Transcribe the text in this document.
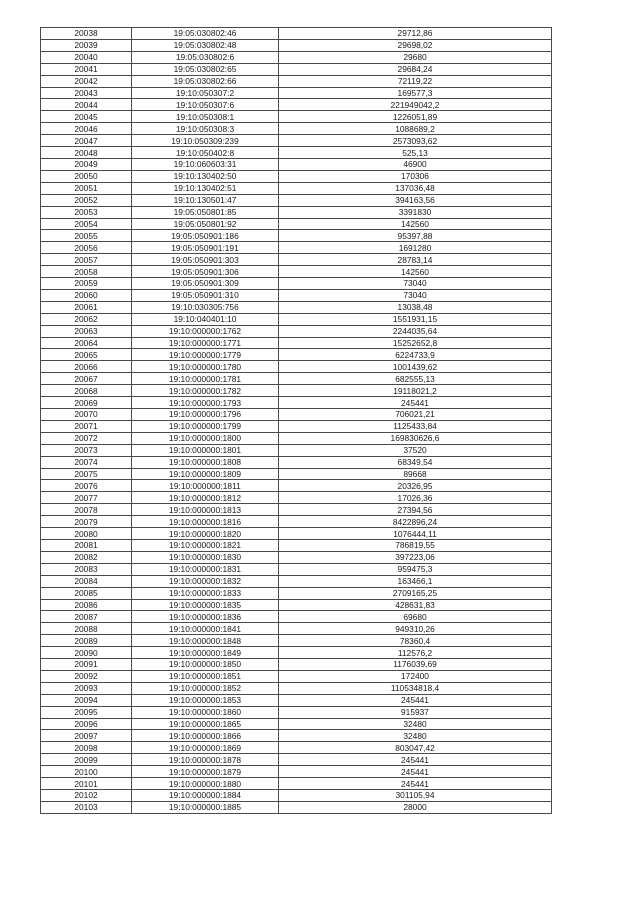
20038	19:05:030802:46	29712,86
20039	19:05:030802:48	29698,02
20040	19:05:030802:6	29680
20041	19:05:030802:65	29684,24
20042	19:05:030802:66	72119,22
20043	19:10:050307:2	169577,3
20044	19:10:050307:6	221949042,2
20045	19:10:050308:1	1226051,89
20046	19:10:050308:3	1088689,2
20047	19:10:050309:239	2573093,62
20048	19:10:050402:8	525,13
20049	19:10:060603:31	46900
20050	19:10:130402:50	170306
20051	19:10:130402:51	137036,48
20052	19:10:130501:47	394163,56
20053	19:05:050801:85	3391830
20054	19:05:050801:92	142560
20055	19:05:050901:186	95397,88
20056	19:05:050901:191	1691280
20057	19:05:050901:303	28783,14
20058	19:05:050901:306	142560
20059	19:05:050901:309	73040
20060	19:05:050901:310	73040
20061	19:10:030305:756	13038,48
20062	19:10:040401:10	1551931,15
20063	19:10:000000:1762	2244035,64
20064	19:10:000000:1771	15252652,8
20065	19:10:000000:1779	6224733,9
20066	19:10:000000:1780	1001439,62
20067	19:10:000000:1781	682555,13
20068	19:10:000000:1782	19118021,2
20069	19:10:000000:1793	245441
20070	19:10:000000:1796	706021,21
20071	19:10:000000:1799	1125433,84
20072	19:10:000000:1800	169830626,6
20073	19:10:000000:1801	37520
20074	19:10:000000:1808	68349,54
20075	19:10:000000:1809	89668
20076	19:10:000000:1811	20326,95
20077	19:10:000000:1812	17026,36
20078	19:10:000000:1813	27394,56
20079	19:10:000000:1816	8422896,24
20080	19:10:000000:1820	1076444,11
20081	19:10:000000:1821	786819,55
20082	19:10:000000:1830	397223,06
20083	19:10:000000:1831	959475,3
20084	19:10:000000:1832	163466,1
20085	19:10:000000:1833	2709165,25
20086	19:10:000000:1835	428631,83
20087	19:10:000000:1836	69680
20088	19:10:000000:1841	949310,26
20089	19:10:000000:1848	78360,4
20090	19:10:000000:1849	112576,2
20091	19:10:000000:1850	1176039,69
20092	19:10:000000:1851	172400
20093	19:10:000000:1852	110534818,4
20094	19:10:000000:1853	245441
20095	19:10:000000:1860	915937
20096	19:10:000000:1865	32480
20097	19:10:000000:1866	32480
20098	19:10:000000:1869	803047,42
20099	19:10:000000:1878	245441
20100	19:10:000000:1879	245441
20101	19:10:000000:1880	245441
20102	19:10:000000:1884	301105,94
20103	19:10:000000:1885	28000
